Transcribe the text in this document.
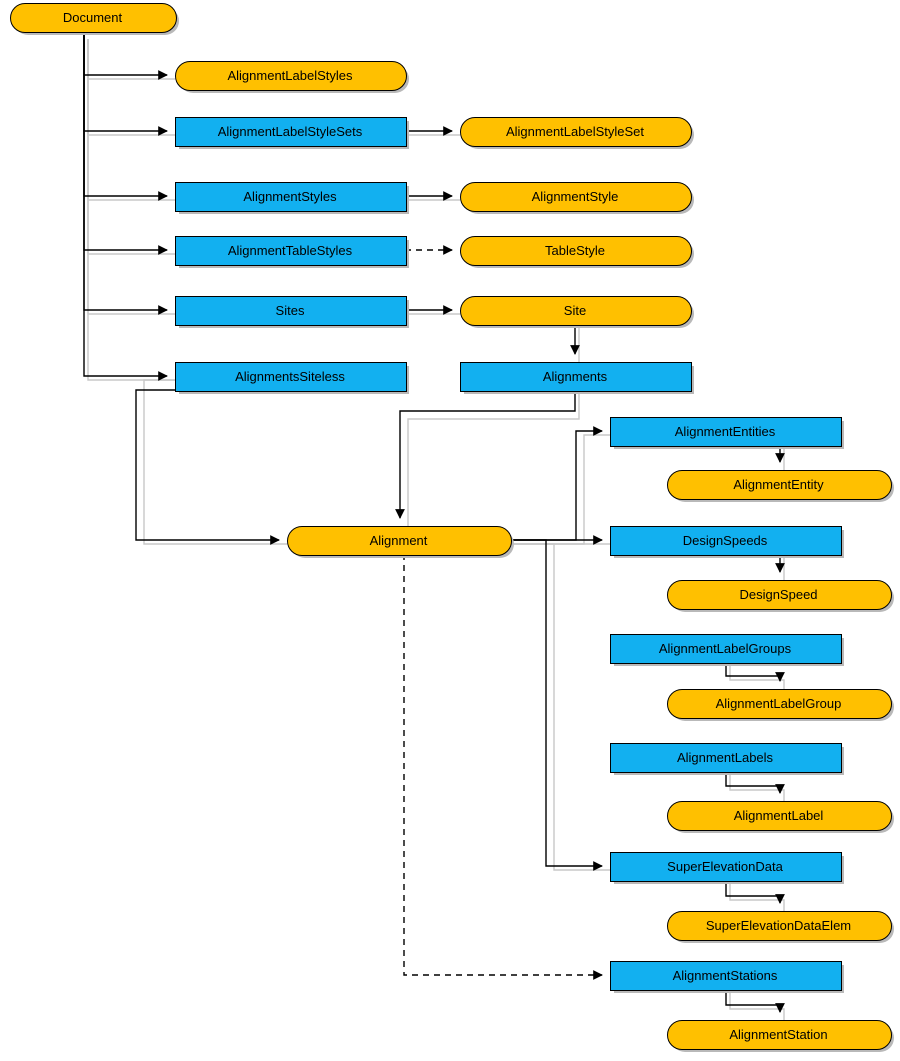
Document
AlignmentLabelStyles
AlignmentLabelStyleSets	AlignmentLabelStyleSet
AlignmentStyles	AlignmentStyle
AlignmentTableStyles	TableStyle
Sites	Site
AlignmentsSiteless	Alignments
AlignmentEntities
AlignmentEntity
Alignment	DesignSpeeds
DesignSpeed
AlignmentLabelGroups
AlignmentLabelGroup
AlignmentLabels
AlignmentLabel
SuperElevationData
SuperElevationDataElem
AlignmentStations
AlignmentStation
